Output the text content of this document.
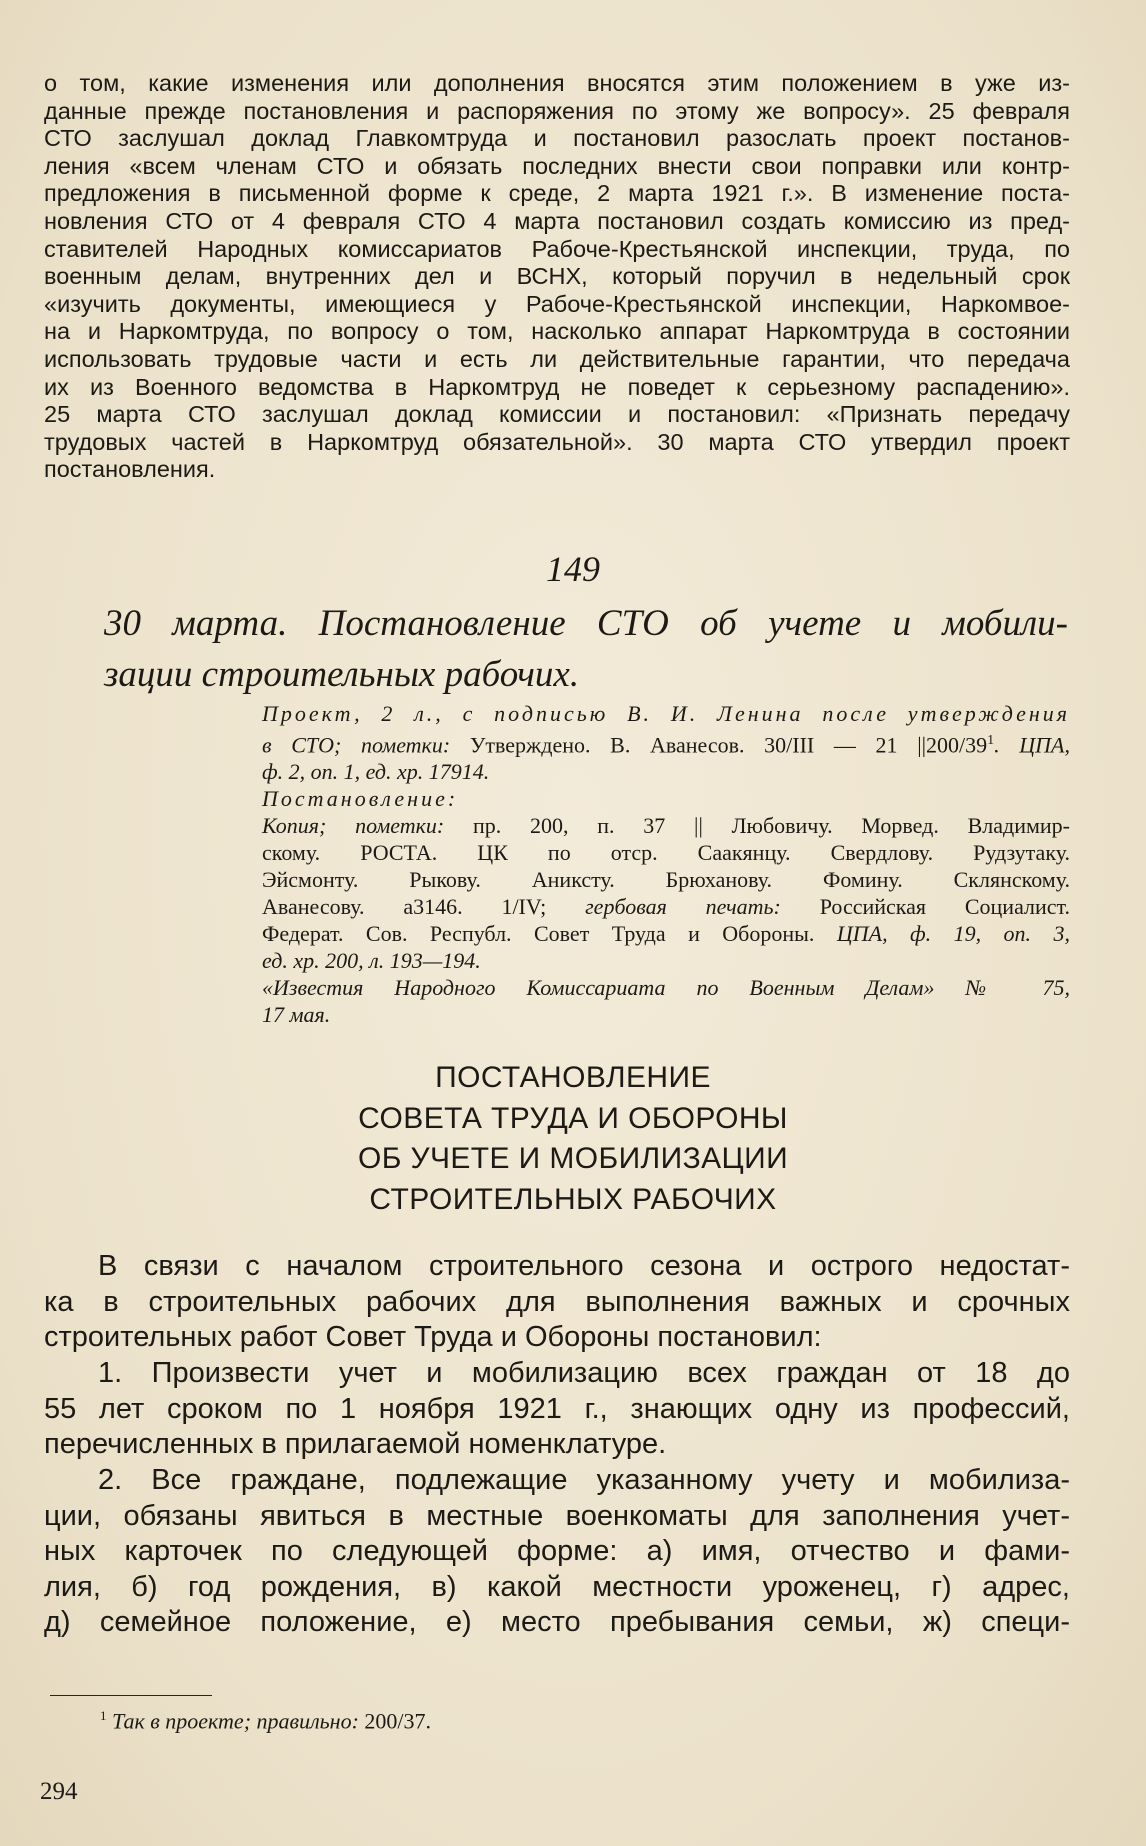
о том, какие изменения или дополнения вносятся этим положением в уже из-
данные прежде постановления и распоряжения по этому же вопросу». 25 февраля
СТО заслушал доклад Главкомтруда и постановил разослать проект постанов-
ления «всем членам СТО и обязать последних внести свои поправки или контр-
предложения в письменной форме к среде, 2 марта 1921 г.». В изменение поста-
новления СТО от 4 февраля СТО 4 марта постановил создать комиссию из пред-
ставителей Народных комиссариатов Рабоче-Крестьянской инспекции, труда, по
военным делам, внутренних дел и ВСНХ, который поручил в недельный срок
«изучить документы, имеющиеся у Рабоче-Крестьянской инспекции, Наркомвое-
на и Наркомтруда, по вопросу о том, насколько аппарат Наркомтруда в состоянии
использовать трудовые части и есть ли действительные гарантии, что передача
их из Военного ведомства в Наркомтруд не поведет к серьезному распадению».
25 марта СТО заслушал доклад комиссии и постановил: «Признать передачу
трудовых частей в Наркомтруд обязательной». 30 марта СТО утвердил проект
постановления.

149

30 марта. Постановление СТО об учете и мобили-
зации строительных рабочих.

Проект, 2 л., с подписью В. И. Ленина после утверждения
в СТО; пометки: Утверждено. В. Аванесов. 30/III — 21 $||200/39^1$. ЦПА,
ф. 2, оп. 1, ед. хр. 17914.
Постановление:
Копия; пометки: пр. 200, п. 37 || Любовичу. Морвед. Владимир-
скому. РОСТА. ЦК по отср. Саакянцу. Свердлову. Рудзутаку.
Эйсмонту. Рыкову. Аниксту. Брюханову. Фомину. Склянскому.
Аванесову. а3146. 1/IV; гербовая печать: Российская Социалист.
Федерат. Сов. Республ. Совет Труда и Обороны. ЦПА, ф. 19, оп. 3,
ед. хр. 200, л. 193—194.
«Известия Народного Комиссариата по Военным Делам» № 75,
17 мая.

ПОСТАНОВЛЕНИЕ
СОВЕТА ТРУДА И ОБОРОНЫ
ОБ УЧЕТЕ И МОБИЛИЗАЦИИ
СТРОИТЕЛЬНЫХ РАБОЧИХ

В связи с началом строительного сезона и острого недостат-
ка в строительных рабочих для выполнения важных и срочных
строительных работ Совет Труда и Обороны постановил:

1. Произвести учет и мобилизацию всех граждан от 18 до
55 лет сроком по 1 ноября 1921 г., знающих одну из профессий,
перечисленных в прилагаемой номенклатуре.

2. Все граждане, подлежащие указанному учету и мобилиза-
ции, обязаны явиться в местные военкоматы для заполнения учет-
ных карточек по следующей форме: а) имя, отчество и фами-
лия, б) год рождения, в) какой местности уроженец, г) адрес,
д) семейное положение, е) место пребывания семьи, ж) специ-

$^1$ Так в проекте; правильно: 200/37.

294
